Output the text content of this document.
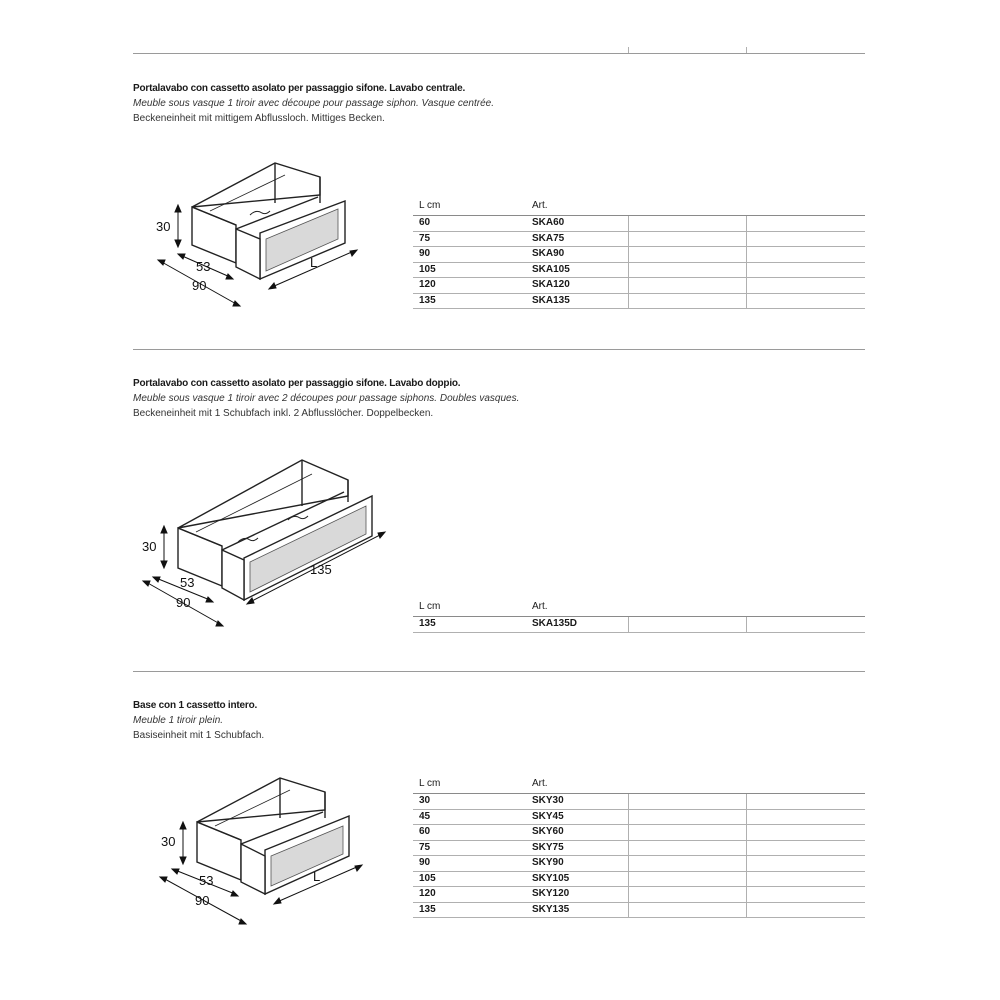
Portalavabo con cassetto asolato per passaggio sifone. Lavabo centrale.
Meuble sous vasque 1 tiroir avec découpe pour passage siphon. Vasque centrée.
Beckeneinheit mit mittigem Abflussloch. Mittiges Becken.
30
53
90
L
L cm	Art.		
60	SKA60		
75	SKA75		
90	SKA90		
105	SKA105		
120	SKA120		
135	SKA135		
Portalavabo con cassetto asolato per passaggio sifone. Lavabo doppio.
Meuble sous vasque 1 tiroir avec 2 découpes pour passage siphons. Doubles vasques.
Beckeneinheit mit 1 Schubfach inkl. 2 Abflusslöcher. Doppelbecken.
30
53
90
135
L cm	Art.		
135	SKA135D		
Base con 1 cassetto intero.
Meuble 1 tiroir plein.
Basiseinheit mit 1 Schubfach.
30
53
90
L
L cm	Art.		
30	SKY30		
45	SKY45		
60	SKY60		
75	SKY75		
90	SKY90		
105	SKY105		
120	SKY120		
135	SKY135		
